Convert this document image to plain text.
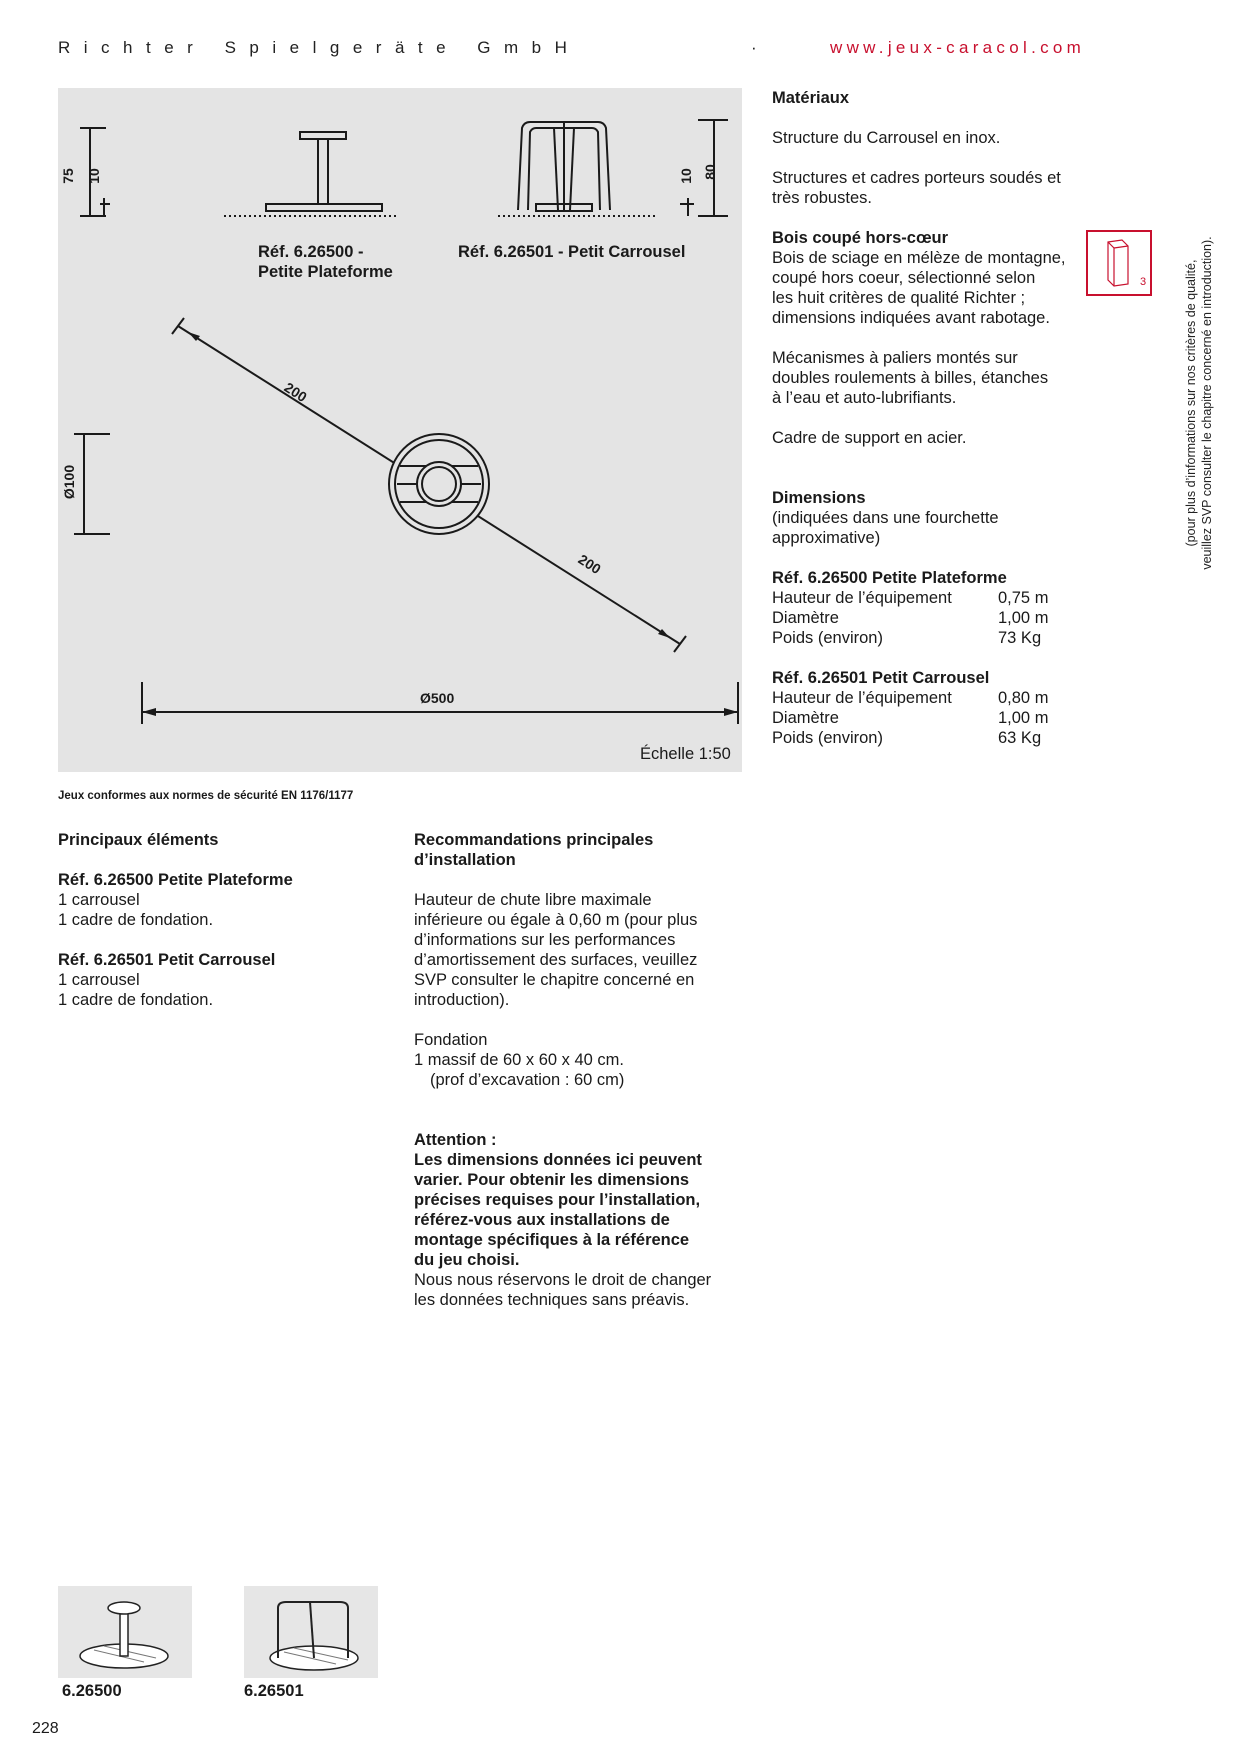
Richter Spielgeräte GmbH	·	www.jeux-caracol.com
75 10	10 80
Ø100
200
200
Ø500
Réf. 6.26500 -
Petite Plateforme
Réf. 6.26501 - Petit Carrousel
Échelle 1:50
Jeux conformes aux normes de sécurité EN 1176/1177

Principaux éléments

Réf. 6.26500 Petite Plateforme

1 carrousel

1 cadre de fondation.

Réf. 6.26501 Petit Carrousel

1 carrousel

1 cadre de fondation.

Recommandations principales

d’installation

Hauteur de chute libre maximale

inférieure ou égale à 0,60 m (pour plus

d’informations sur les performances

d’amortissement des surfaces, veuillez

SVP consulter le chapitre concerné en

introduction).

Fondation

1 massif de 60 x 60 x 40 cm.

(prof d’excavation : 60 cm)

Attention :

Les dimensions données ici peuvent

varier. Pour obtenir les dimensions

précises requises pour l’installation,

référez-vous aux installations de

montage spécifiques à la référence

du jeu choisi.

Nous nous réservons le droit de changer

les données techniques sans préavis.

Matériaux

Structure du Carrousel en inox.

Structures et cadres porteurs soudés et

très robustes.

Bois coupé hors-cœur

Bois de sciage en mélèze de montagne,

coupé hors coeur, sélectionné selon

les huit critères de qualité Richter ;

dimensions indiquées avant rabotage.

Mécanismes à paliers montés sur

doubles roulements à billes, étanches

à l’eau et auto-lubrifiants.

Cadre de support en acier.

Dimensions

(indiquées dans une fourchette

approximative)

Réf. 6.26500 Petite Plateforme

Hauteur de l’équipement	0,75 m
Diamètre	1,00 m
Poids (environ)	73 Kg

Réf. 6.26501 Petit Carrousel

Hauteur de l’équipement	0,80 m
Diamètre	1,00 m
Poids (environ)	63 Kg
3	(pour plus d’informations sur nos critères de qualité, veuillez SVP consulter le chapitre concerné en introduction).
6.26500	6.26501
228
